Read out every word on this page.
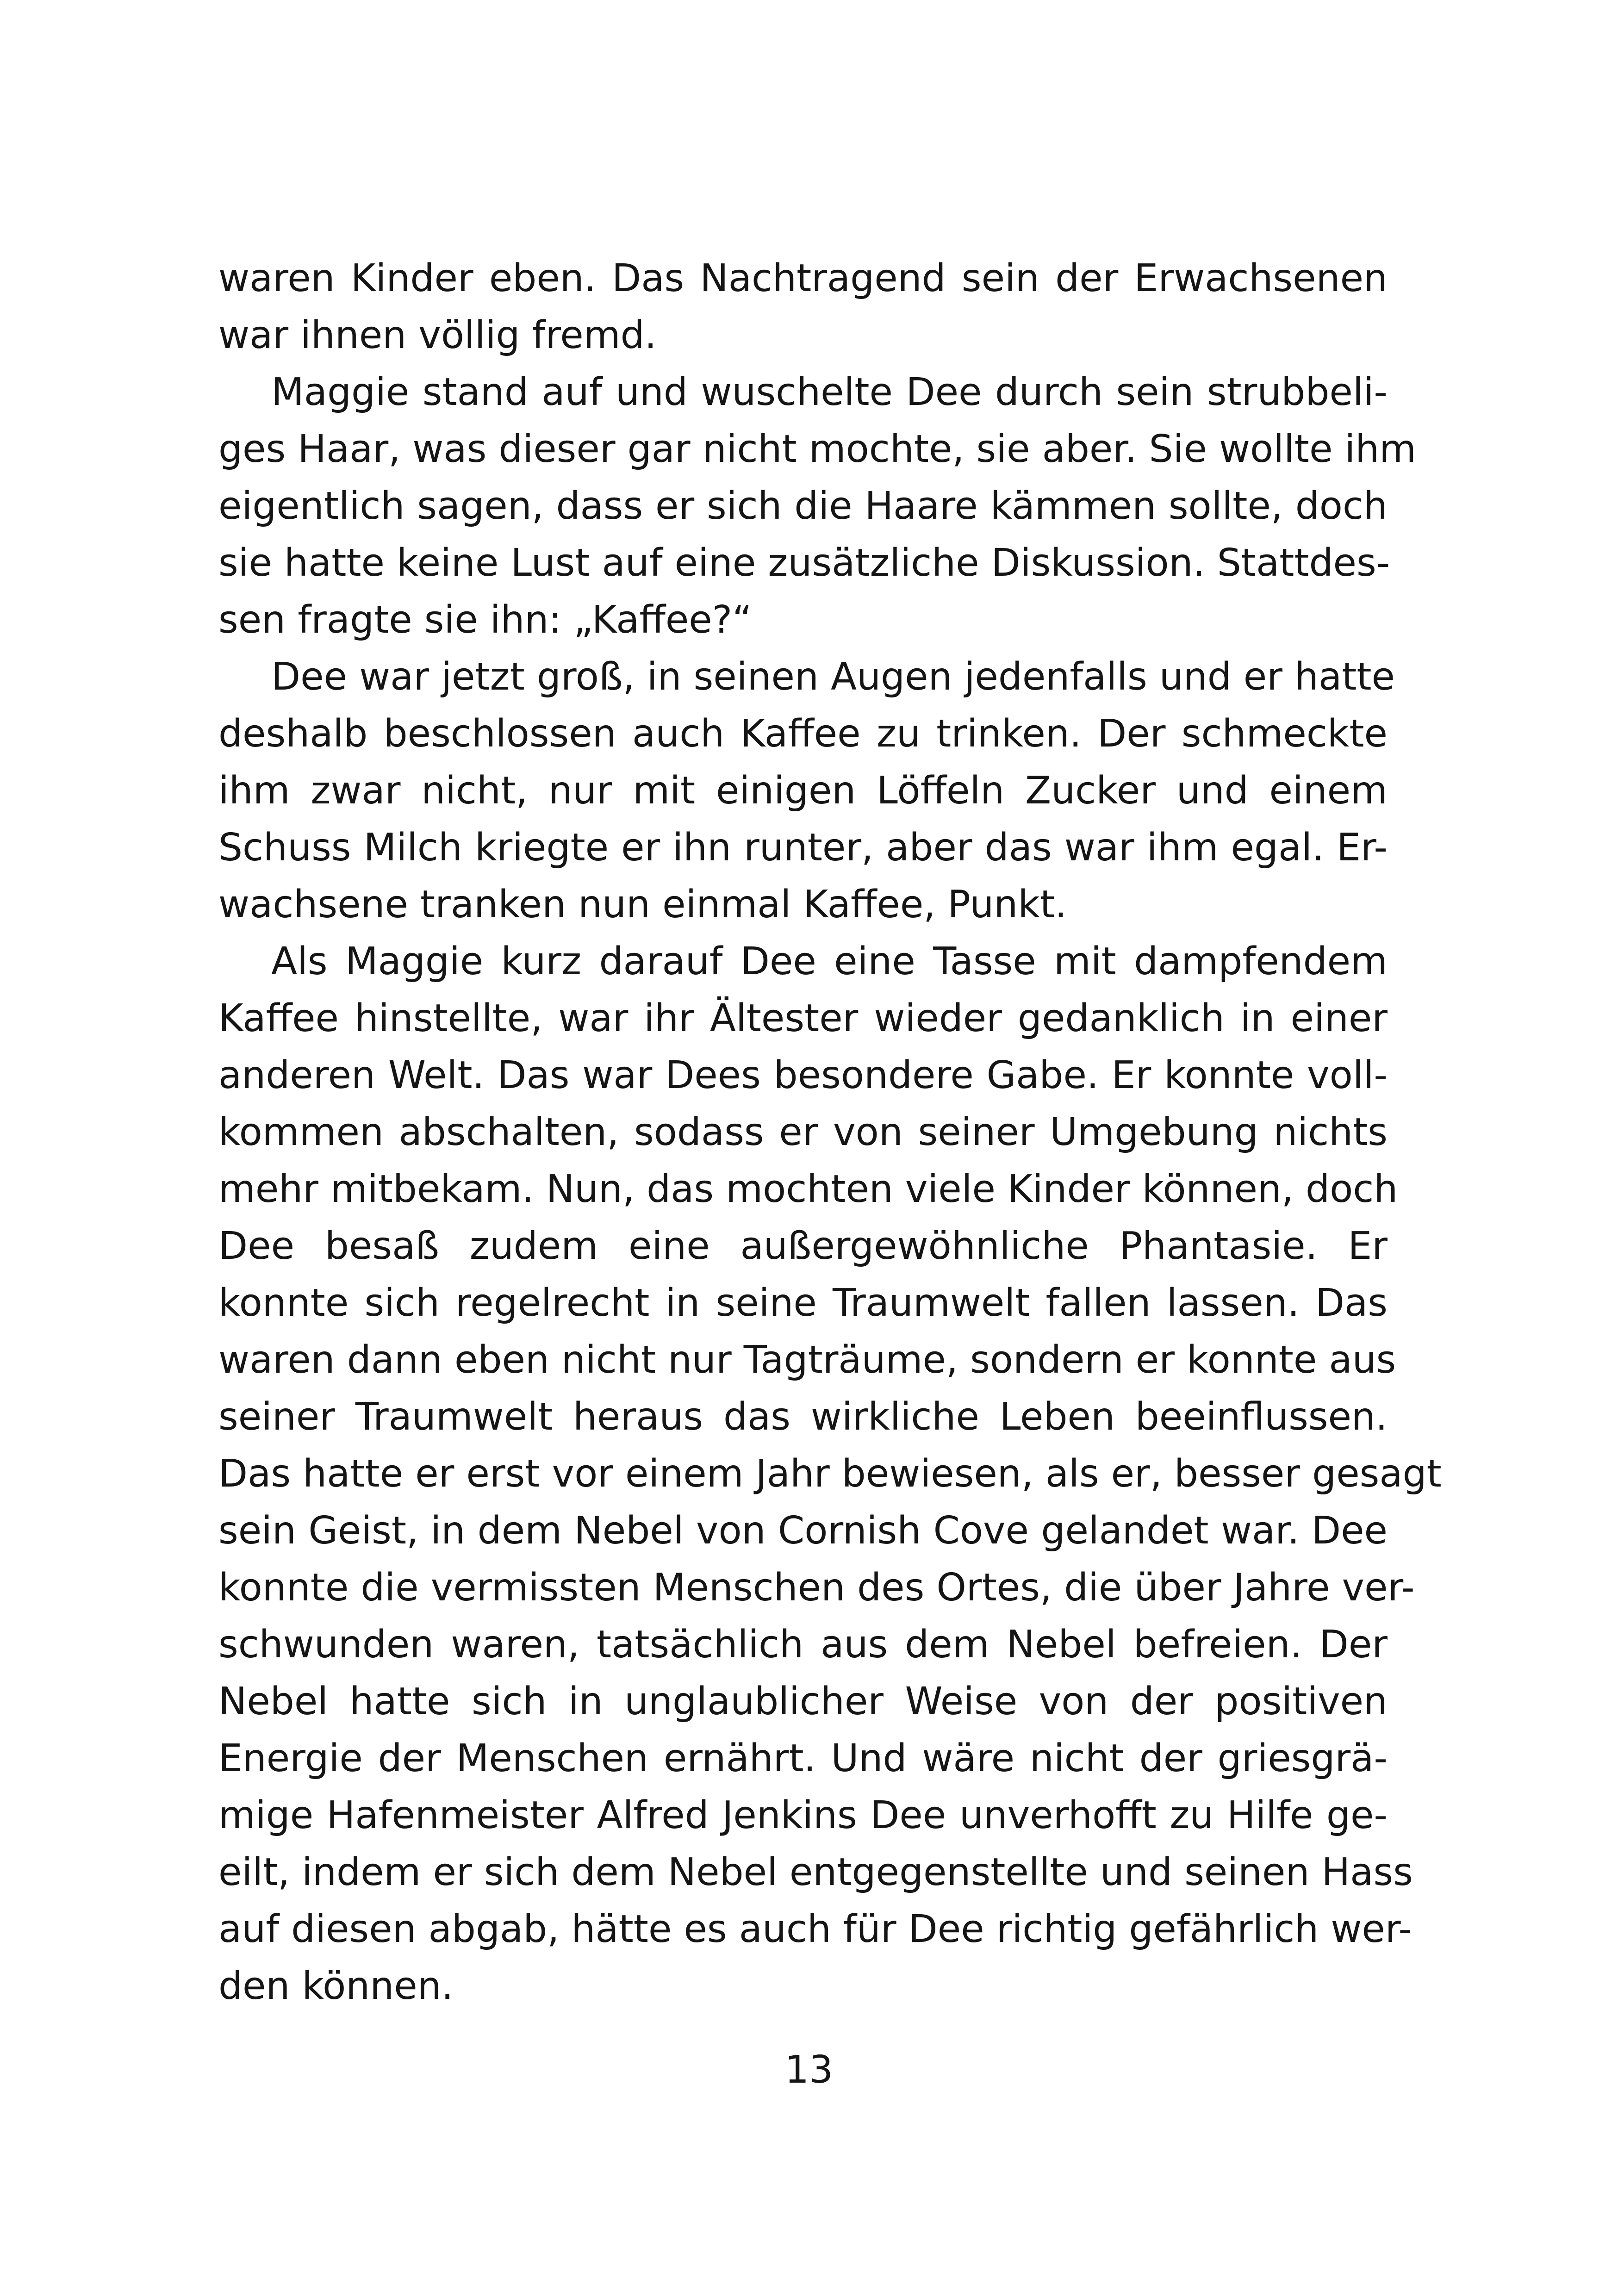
waren Kinder eben. Das Nachtragend sein der Erwachsenen
war ihnen völlig fremd.
Maggie stand auf und wuschelte Dee durch sein strubbeli-
ges Haar, was dieser gar nicht mochte, sie aber. Sie wollte ihm
eigentlich sagen, dass er sich die Haare kämmen sollte, doch
sie hatte keine Lust auf eine zusätzliche Diskussion. Stattdes-
sen fragte sie ihn: „Kaffee?“
Dee war jetzt groß, in seinen Augen jedenfalls und er hatte
deshalb beschlossen auch Kaffee zu trinken. Der schmeckte
ihm zwar nicht, nur mit einigen Löffeln Zucker und einem
Schuss Milch kriegte er ihn runter, aber das war ihm egal. Er-
wachsene tranken nun einmal Kaffee, Punkt.
Als Maggie kurz darauf Dee eine Tasse mit dampfendem
Kaffee hinstellte, war ihr Ältester wieder gedanklich in einer
anderen Welt. Das war Dees besondere Gabe. Er konnte voll-
kommen abschalten, sodass er von seiner Umgebung nichts
mehr mitbekam. Nun, das mochten viele Kinder können, doch
Dee besaß zudem eine außergewöhnliche Phantasie. Er
konnte sich regelrecht in seine Traumwelt fallen lassen. Das
waren dann eben nicht nur Tagträume, sondern er konnte aus
seiner Traumwelt heraus das wirkliche Leben beeinflussen.
Das hatte er erst vor einem Jahr bewiesen, als er, besser gesagt
sein Geist, in dem Nebel von Cornish Cove gelandet war. Dee
konnte die vermissten Menschen des Ortes, die über Jahre ver-
schwunden waren, tatsächlich aus dem Nebel befreien. Der
Nebel hatte sich in unglaublicher Weise von der positiven
Energie der Menschen ernährt. Und wäre nicht der griesgrä-
mige Hafenmeister Alfred Jenkins Dee unverhofft zu Hilfe ge-
eilt, indem er sich dem Nebel entgegenstellte und seinen Hass
auf diesen abgab, hätte es auch für Dee richtig gefährlich wer-
den können.
13
